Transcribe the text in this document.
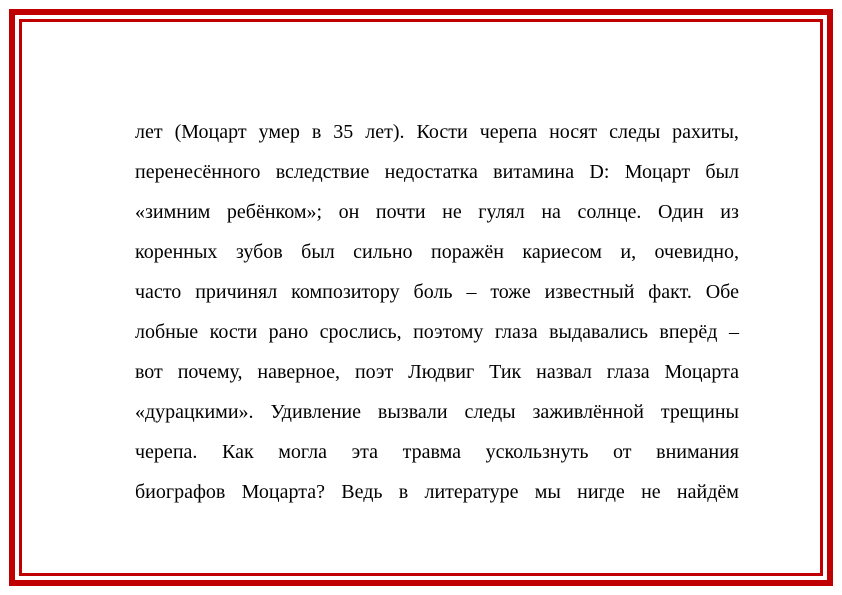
лет (Моцарт умер в 35 лет). Кости черепа носят следы рахиты,
перенесённого вследствие недостатка витамина D: Моцарт был
«зимним ребёнком»; он почти не гулял на солнце. Один из
коренных зубов был сильно поражён кариесом и, очевидно,
часто причинял композитору боль – тоже известный факт. Обе
лобные кости рано срослись, поэтому глаза выдавались вперёд –
вот почему, наверное, поэт Людвиг Тик назвал глаза Моцарта
«дурацкими». Удивление вызвали следы заживлённой трещины
черепа. Как могла эта травма ускользнуть от внимания
биографов Моцарта? Ведь в литературе мы нигде не найдём
